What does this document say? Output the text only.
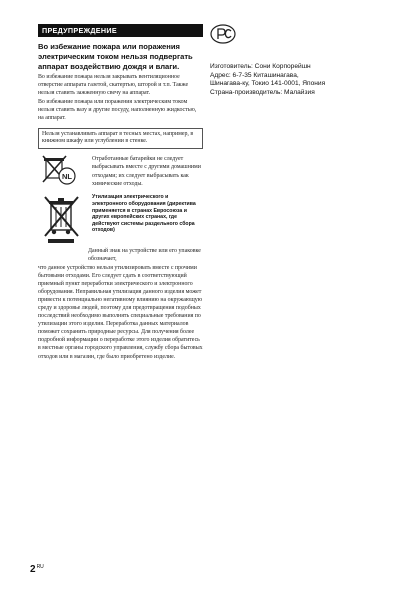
ПРЕДУПРЕЖДЕНИЕ
Во избежание пожара или поражения электрическим током нельзя подвергать аппарат воздействию дождя и влаги.
Во избежание пожара нельзя закрывать вентиляционное отверстие аппарата газетой, скатертью, шторой и т.п. Также нельзя ставить зажженную свечу на аппарат.
Во избежание пожара или поражения электрическим током нельзя ставить вазу и другие посуду, наполненную жидкостью, на аппарат.
Нельзя устанавливать аппарат в тесных местах, например, в книжном шкафу или углублении в стенке.
NL
Отработанные батарейки не следует выбрасывать вместе с другими домашними отходами; их следует выбрасывать как химические отходы.
Утилизация электрического и электронного оборудования (директива применяется в странах Евросоюза и других европейских странах, где действуют системы раздельного сбора отходов)
Данный знак на устройстве или его упаковке обозначает,
что данное устройство нельзя утилизировать вместе с прочими бытовыми отходами. Его следует сдать в соответствующий приемный пункт переработки электрического и электронного оборудования. Неправильная утилизация данного изделия может привести к потенциально негативному влиянию на окружающую среду и здоровье людей, поэтому для предотвращения подобных последствий необходимо выполнять специальные требования по утилизации этого изделия. Переработка данных материалов поможет сохранить природные ресурсы. Для получения более подробной информации о переработке этого изделия обратитесь в местные органы городского управления, службу сбора бытовых отходов или в магазин, где было приобретено изделие.
Изготовитель: Сони Корпорейшн
Адрес: 6-7-35 Киташинагава,
Шинагава-ку, Токио 141-0001, Япония
Страна-производитель: Малайзия
$2^{RU}$
